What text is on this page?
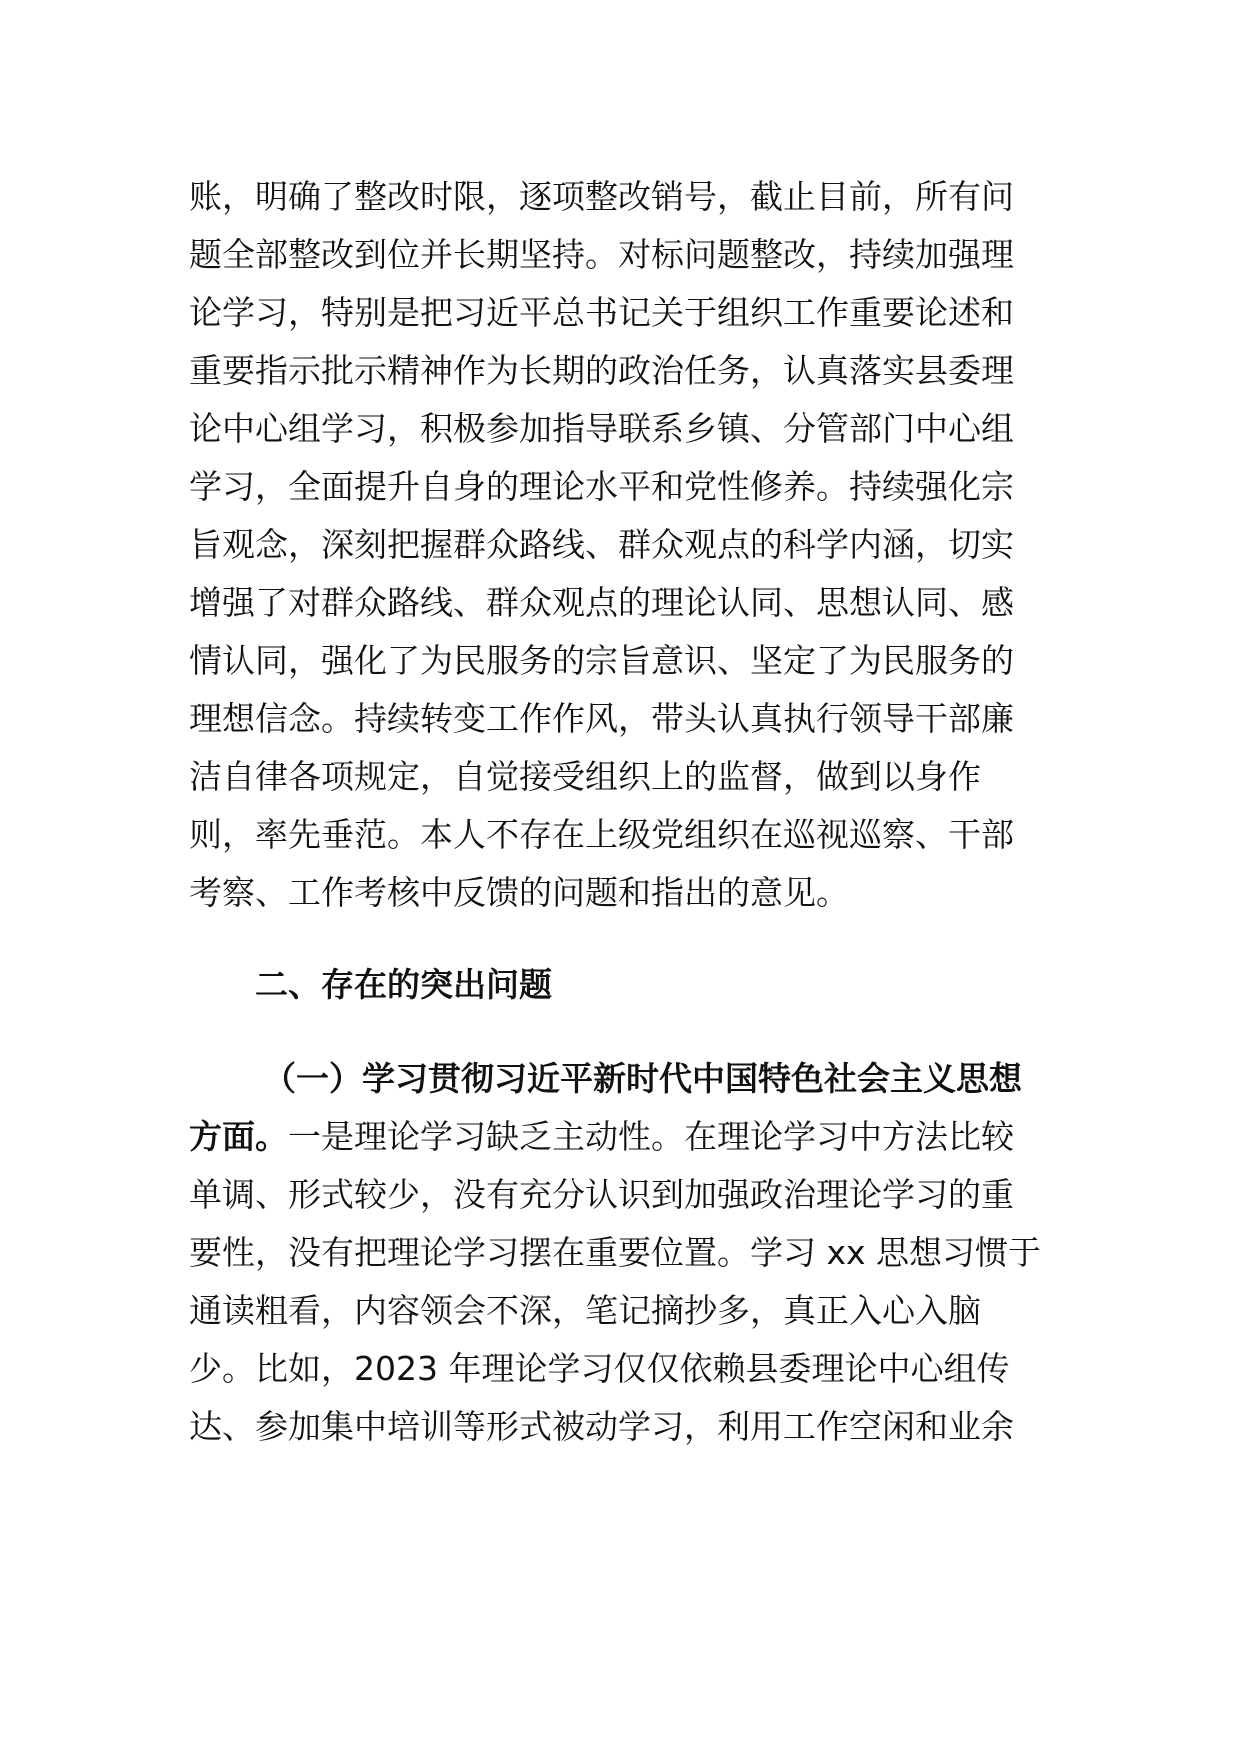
账，明确了整改时限，逐项整改销号，截止目前，所有问
题全部整改到位并长期坚持。对标问题整改，持续加强理
论学习，特别是把习近平总书记关于组织工作重要论述和
重要指示批示精神作为长期的政治任务，认真落实县委理
论中心组学习，积极参加指导联系乡镇、分管部门中心组
学习，全面提升自身的理论水平和党性修养。持续强化宗
旨观念，深刻把握群众路线、群众观点的科学内涵，切实
增强了对群众路线、群众观点的理论认同、思想认同、感
情认同，强化了为民服务的宗旨意识、坚定了为民服务的
理想信念。持续转变工作作风，带头认真执行领导干部廉
洁自律各项规定，自觉接受组织上的监督，做到以身作
则，率先垂范。本人不存在上级党组织在巡视巡察、干部
考察、工作考核中反馈的问题和指出的意见。
二、存在的突出问题
（一）学习贯彻习近平新时代中国特色社会主义思想
方面。一是理论学习缺乏主动性。在理论学习中方法比较
单调、形式较少，没有充分认识到加强政治理论学习的重
要性，没有把理论学习摆在重要位置。学习 xx 思想习惯于
通读粗看，内容领会不深，笔记摘抄多，真正入心入脑
少。比如，2023 年理论学习仅仅依赖县委理论中心组传
达、参加集中培训等形式被动学习，利用工作空闲和业余
